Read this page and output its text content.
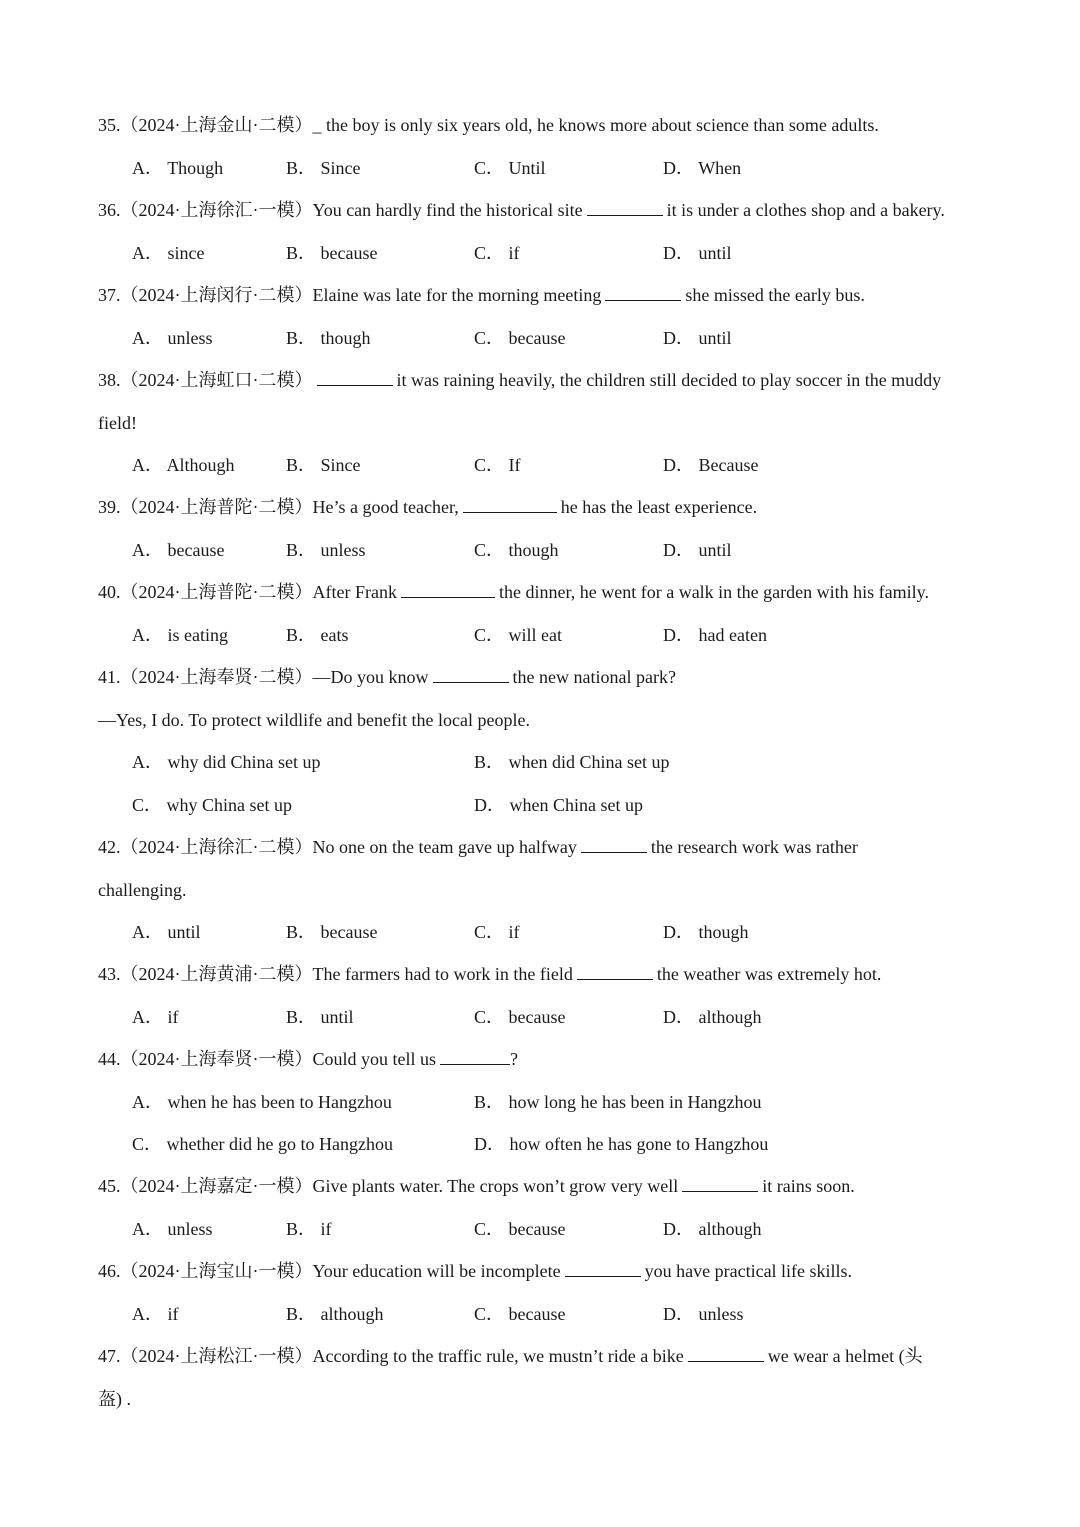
35.（2024·上海金山·二模）_ the boy is only six years old, he knows more about science than some adults.
A． Though	B． Since	C． Until	D． When
36.（2024·上海徐汇·一模）You can hardly find the historical site	it is under a clothes shop and a bakery.
A． since	B． because	C． if	D． until
37.（2024·上海闵行·二模）Elaine was late for the morning meeting	she missed the early bus.
A． unless	B． though	C． because	D． until
38.（2024·上海虹口·二模）	it was raining heavily, the children still decided to play soccer in the muddy
field!
A． Although	B． Since	C． If	D． Because
39.（2024·上海普陀·二模）He’s a good teacher,	he has the least experience.
A． because	B． unless	C． though	D． until
40.（2024·上海普陀·二模）After Frank	the dinner, he went for a walk in the garden with his family.
A． is eating	B． eats	C． will eat	D． had eaten
41.（2024·上海奉贤·二模）—Do you know	the new national park?
—Yes, I do. To protect wildlife and benefit the local people.
A． why did China set up	B． when did China set up
C． why China set up	D． when China set up
42.（2024·上海徐汇·二模）No one on the team gave up halfway	the research work was rather
challenging.
A． until	B． because	C． if	D． though
43.（2024·上海黄浦·二模）The farmers had to work in the field	the weather was extremely hot.
A． if	B． until	C． because	D． although
44.（2024·上海奉贤·一模）Could you tell us	?
A． when he has been to Hangzhou	B． how long he has been in Hangzhou
C． whether did he go to Hangzhou	D． how often he has gone to Hangzhou
45.（2024·上海嘉定·一模）Give plants water. The crops won’t grow very well	it rains soon.
A． unless	B． if	C． because	D． although
46.（2024·上海宝山·一模）Your education will be incomplete	you have practical life skills.
A． if	B． although	C． because	D． unless
47.（2024·上海松江·一模）According to the traffic rule, we mustn’t ride a bike	we wear a helmet (头
盔) .
